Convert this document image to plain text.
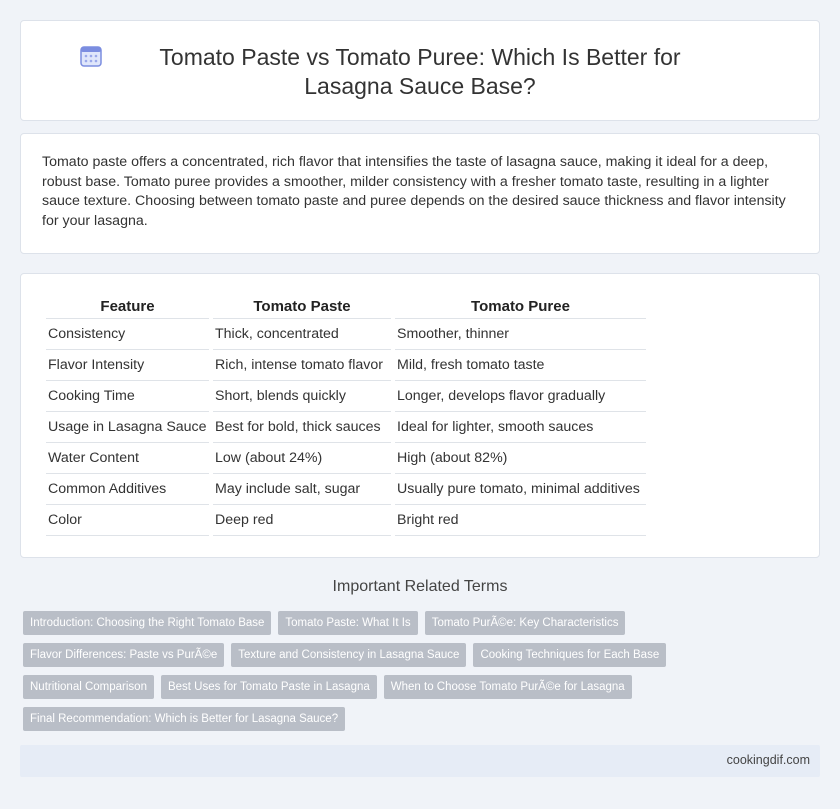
Tomato Paste vs Tomato Puree: Which Is Better for Lasagna Sauce Base?

Tomato paste offers a concentrated, rich flavor that intensifies the taste of lasagna sauce, making it ideal for a deep, robust base. Tomato puree provides a smoother, milder consistency with a fresher tomato taste, resulting in a lighter sauce texture. Choosing between tomato paste and puree depends on the desired sauce thickness and flavor intensity for your lasagna.

Feature	Tomato Paste	Tomato Puree
Consistency	Thick, concentrated	Smoother, thinner
Flavor Intensity	Rich, intense tomato flavor	Mild, fresh tomato taste
Cooking Time	Short, blends quickly	Longer, develops flavor gradually
Usage in Lasagna Sauce	Best for bold, thick sauces	Ideal for lighter, smooth sauces
Water Content	Low (about 24%)	High (about 82%)
Common Additives	May include salt, sugar	Usually pure tomato, minimal additives
Color	Deep red	Bright red
Important Related Terms
Introduction: Choosing the Right Tomato Base	Tomato Paste: What It Is	Tomato PurÃ©e: Key Characteristics
Flavor Differences: Paste vs PurÃ©e	Texture and Consistency in Lasagna Sauce	Cooking Techniques for Each Base
Nutritional Comparison	Best Uses for Tomato Paste in Lasagna	When to Choose Tomato PurÃ©e for Lasagna
Final Recommendation: Which is Better for Lasagna Sauce?
cookingdif.com
